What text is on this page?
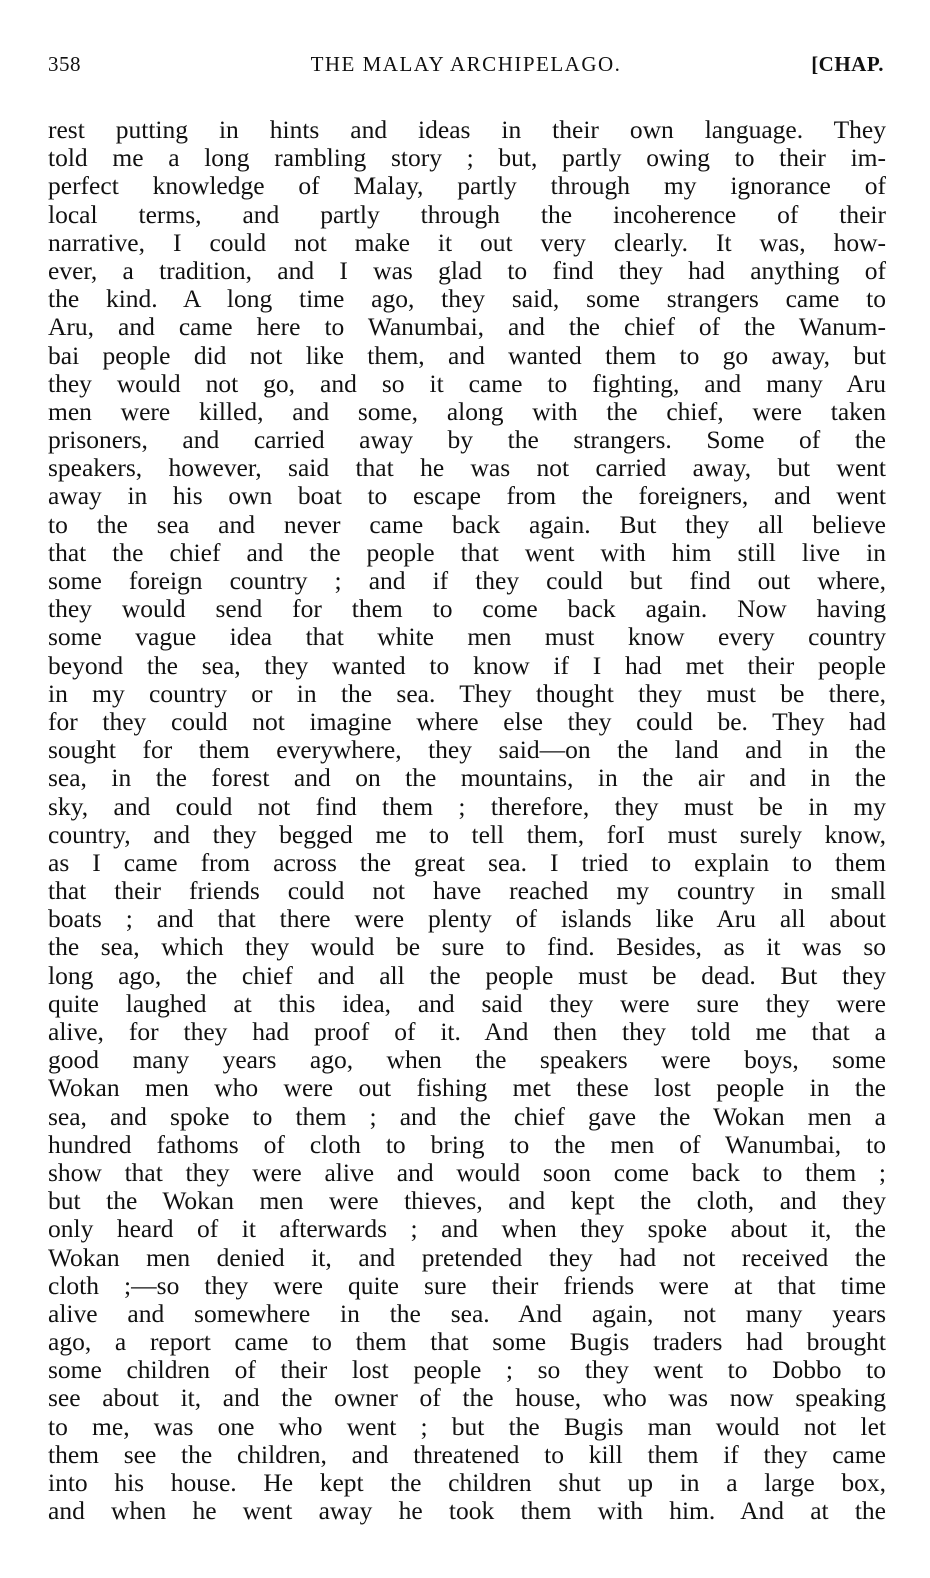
358	THE MALAY ARCHIPELAGO.	[CHAP.
rest putting in hints and ideas in their own language. They
told me a long rambling story ; but, partly owing to their im-
perfect knowledge of Malay, partly through my ignorance of
local terms, and partly through the incoherence of their
narrative, I could not make it out very clearly. It was, how-
ever, a tradition, and I was glad to find they had anything of
the kind. A long time ago, they said, some strangers came to
Aru, and came here to Wanumbai, and the chief of the Wanum-
bai people did not like them, and wanted them to go away, but
they would not go, and so it came to fighting, and many Aru
men were killed, and some, along with the chief, were taken
prisoners, and carried away by the strangers. Some of the
speakers, however, said that he was not carried away, but went
away in his own boat to escape from the foreigners, and went
to the sea and never came back again. But they all believe
that the chief and the people that went with him still live in
some foreign country ; and if they could but find out where,
they would send for them to come back again. Now having
some vague idea that white men must know every country
beyond the sea, they wanted to know if I had met their people
in my country or in the sea. They thought they must be there,
for they could not imagine where else they could be. They had
sought for them everywhere, they said—on the land and in the
sea, in the forest and on the mountains, in the air and in the
sky, and could not find them ; therefore, they must be in my
country, and they begged me to tell them, forI must surely know,
as I came from across the great sea. I tried to explain to them
that their friends could not have reached my country in small
boats ; and that there were plenty of islands like Aru all about
the sea, which they would be sure to find. Besides, as it was so
long ago, the chief and all the people must be dead. But they
quite laughed at this idea, and said they were sure they were
alive, for they had proof of it. And then they told me that a
good many years ago, when the speakers were boys, some
Wokan men who were out fishing met these lost people in the
sea, and spoke to them ; and the chief gave the Wokan men a
hundred fathoms of cloth to bring to the men of Wanumbai, to
show that they were alive and would soon come back to them ;
but the Wokan men were thieves, and kept the cloth, and they
only heard of it afterwards ; and when they spoke about it, the
Wokan men denied it, and pretended they had not received the
cloth ;—so they were quite sure their friends were at that time
alive and somewhere in the sea. And again, not many years
ago, a report came to them that some Bugis traders had brought
some children of their lost people ; so they went to Dobbo to
see about it, and the owner of the house, who was now speaking
to me, was one who went ; but the Bugis man would not let
them see the children, and threatened to kill them if they came
into his house. He kept the children shut up in a large box,
and when he went away he took them with him. And at the
